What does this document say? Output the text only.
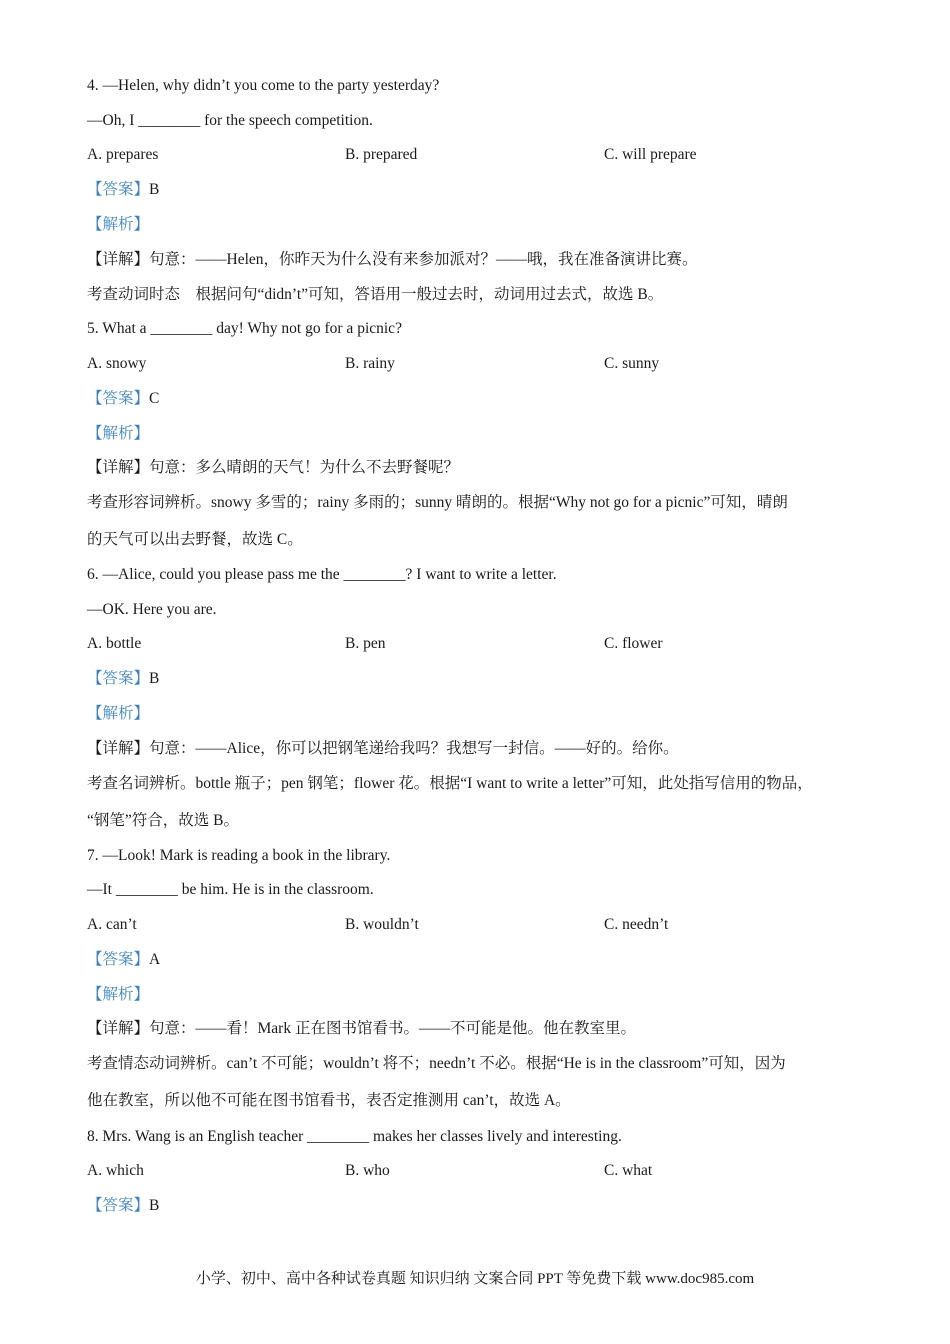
4. —Helen, why didn’t you come to the party yesterday?
—Oh, I ________ for the speech competition.
A. prepares	B. prepared	C. will prepare
【答案】B
【解析】
【详解】句意：——Helen，你昨天为什么没有来参加派对？——哦，我在准备演讲比赛。
考查动词时态　根据问句“didn’t”可知，答语用一般过去时，动词用过去式，故选 B。
5. What a ________ day! Why not go for a picnic?
A. snowy	B. rainy	C. sunny
【答案】C
【解析】
【详解】句意：多么晴朗的天气！为什么不去野餐呢？
考查形容词辨析。snowy 多雪的；rainy 多雨的；sunny 晴朗的。根据“Why not go for a picnic”可知，晴朗
的天气可以出去野餐，故选 C。
6. —Alice, could you please pass me the ________? I want to write a letter.
—OK. Here you are.
A. bottle	B. pen	C. flower
【答案】B
【解析】
【详解】句意：——Alice，你可以把钢笔递给我吗？我想写一封信。——好的。给你。
考查名词辨析。bottle 瓶子；pen 钢笔；flower 花。根据“I want to write a letter”可知，此处指写信用的物品，
“钢笔”符合，故选 B。
7. —Look! Mark is reading a book in the library.
—It ________ be him. He is in the classroom.
A. can’t	B. wouldn’t	C. needn’t
【答案】A
【解析】
【详解】句意：——看！Mark 正在图书馆看书。——不可能是他。他在教室里。
考查情态动词辨析。can’t 不可能；wouldn’t 将不；needn’t 不必。根据“He is in the classroom”可知，因为
他在教室，所以他不可能在图书馆看书，表否定推测用 can’t，故选 A。
8. Mrs. Wang is an English teacher ________ makes her classes lively and interesting.
A. which	B. who	C. what
【答案】B
小学、初中、高中各种试卷真题 知识归纳 文案合同 PPT 等免费下载 www.doc985.com
